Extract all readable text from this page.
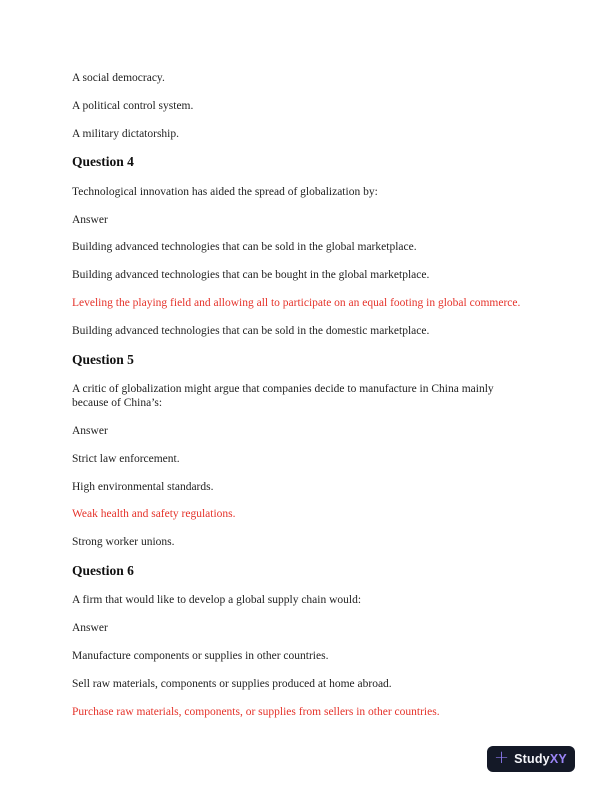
A social democracy.

A political control system.

A military dictatorship.

Question 4

Technological innovation has aided the spread of globalization by:

Answer

Building advanced technologies that can be sold in the global marketplace.

Building advanced technologies that can be bought in the global marketplace.

Leveling the playing field and allowing all to participate on an equal footing in global commerce.

Building advanced technologies that can be sold in the domestic marketplace.

Question 5

A critic of globalization might argue that companies decide to manufacture in China mainly
because of China’s:

Answer

Strict law enforcement.

High environmental standards.

Weak health and safety regulations.

Strong worker unions.

Question 6

A firm that would like to develop a global supply chain would:

Answer

Manufacture components or supplies in other countries.

Sell raw materials, components or supplies produced at home abroad.

Purchase raw materials, components, or supplies from sellers in other countries.

+ StudyXY
